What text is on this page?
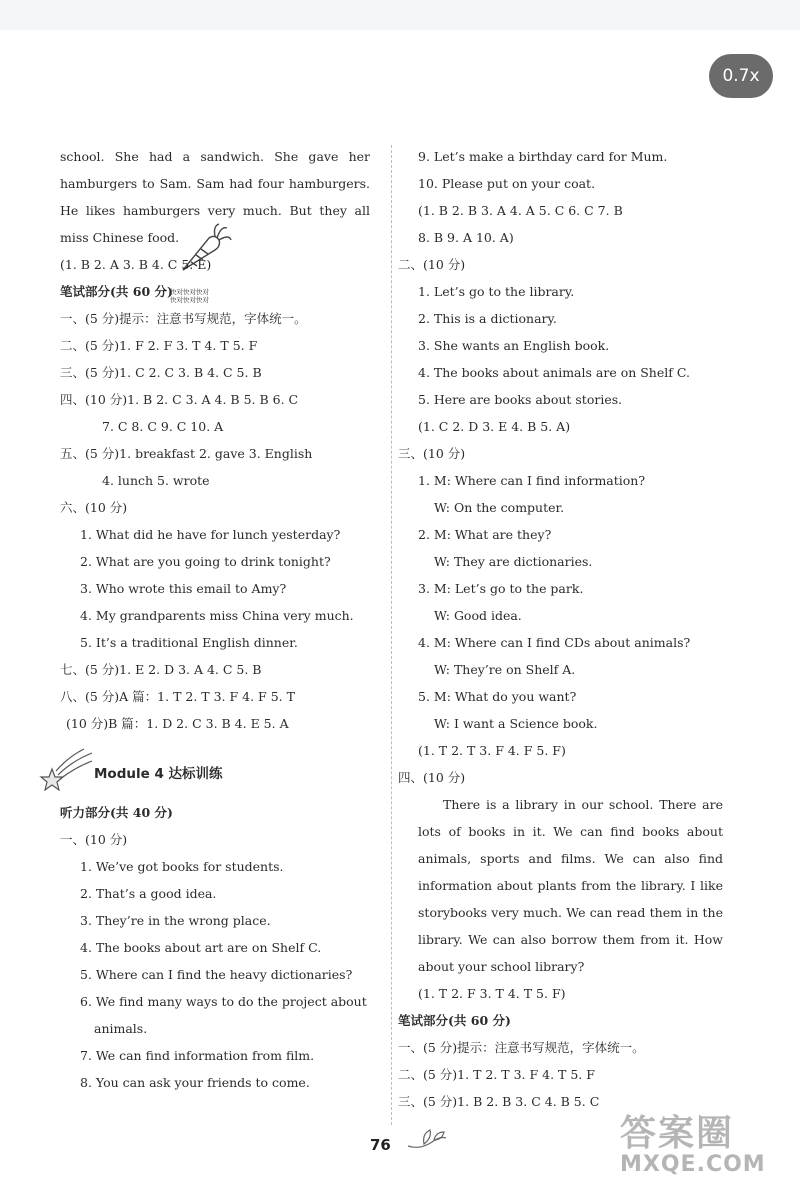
0.7x
快对快对快对
快对快对快对
school. She had a sandwich. She gave her
hamburgers to Sam. Sam had four hamburgers.
He likes hamburgers very much. But they all
miss Chinese food.
(1. B 2. A 3. B 4. C 5. E)
笔试部分(共 60 分)
一、(5 分)提示：注意书写规范，字体统一。
二、(5 分)1. F 2. F 3. T 4. T 5. F
三、(5 分)1. C 2. C 3. B 4. C 5. B
四、(10 分)1. B 2. C 3. A 4. B 5. B 6. C
7. C 8. C 9. C 10. A
五、(5 分)1. breakfast 2. gave 3. English
4. lunch 5. wrote
六、(10 分)
1. What did he have for lunch yesterday?
2. What are you going to drink tonight?
3. Who wrote this email to Amy?
4. My grandparents miss China very much.
5. It’s a traditional English dinner.
七、(5 分)1. E 2. D 3. A 4. C 5. B
八、(5 分)A 篇：1. T 2. T 3. F 4. F 5. T
(10 分)B 篇：1. D 2. C 3. B 4. E 5. A
Module 4 达标训练
听力部分(共 40 分)
一、(10 分)
1. We’ve got books for students.
2. That’s a good idea.
3. They’re in the wrong place.
4. The books about art are on Shelf C.
5. Where can I find the heavy dictionaries?
6. We find many ways to do the project about
animals.
7. We can find information from film.
8. You can ask your friends to come.
9. Let’s make a birthday card for Mum.
10. Please put on your coat.
(1. B 2. B 3. A 4. A 5. C 6. C 7. B
8. B 9. A 10. A)
二、(10 分)
1. Let’s go to the library.
2. This is a dictionary.
3. She wants an English book.
4. The books about animals are on Shelf C.
5. Here are books about stories.
(1. C 2. D 3. E 4. B 5. A)
三、(10 分)
1. M: Where can I find information?
W: On the computer.
2. M: What are they?
W: They are dictionaries.
3. M: Let’s go to the park.
W: Good idea.
4. M: Where can I find CDs about animals?
W: They’re on Shelf A.
5. M: What do you want?
W: I want a Science book.
(1. T 2. T 3. F 4. F 5. F)
四、(10 分)
There is a library in our school. There are lots of books in it. We can find books about animals, sports and films. We can also find information about plants from the library. I like storybooks very much. We can read them in the library. We can also borrow them from it. How about your school library?
(1. T 2. F 3. T 4. T 5. F)
笔试部分(共 60 分)
一、(5 分)提示：注意书写规范，字体统一。
二、(5 分)1. T 2. T 3. F 4. T 5. F
三、(5 分)1. B 2. B 3. C 4. B 5. C
76	答案圈
MXQE.COM
